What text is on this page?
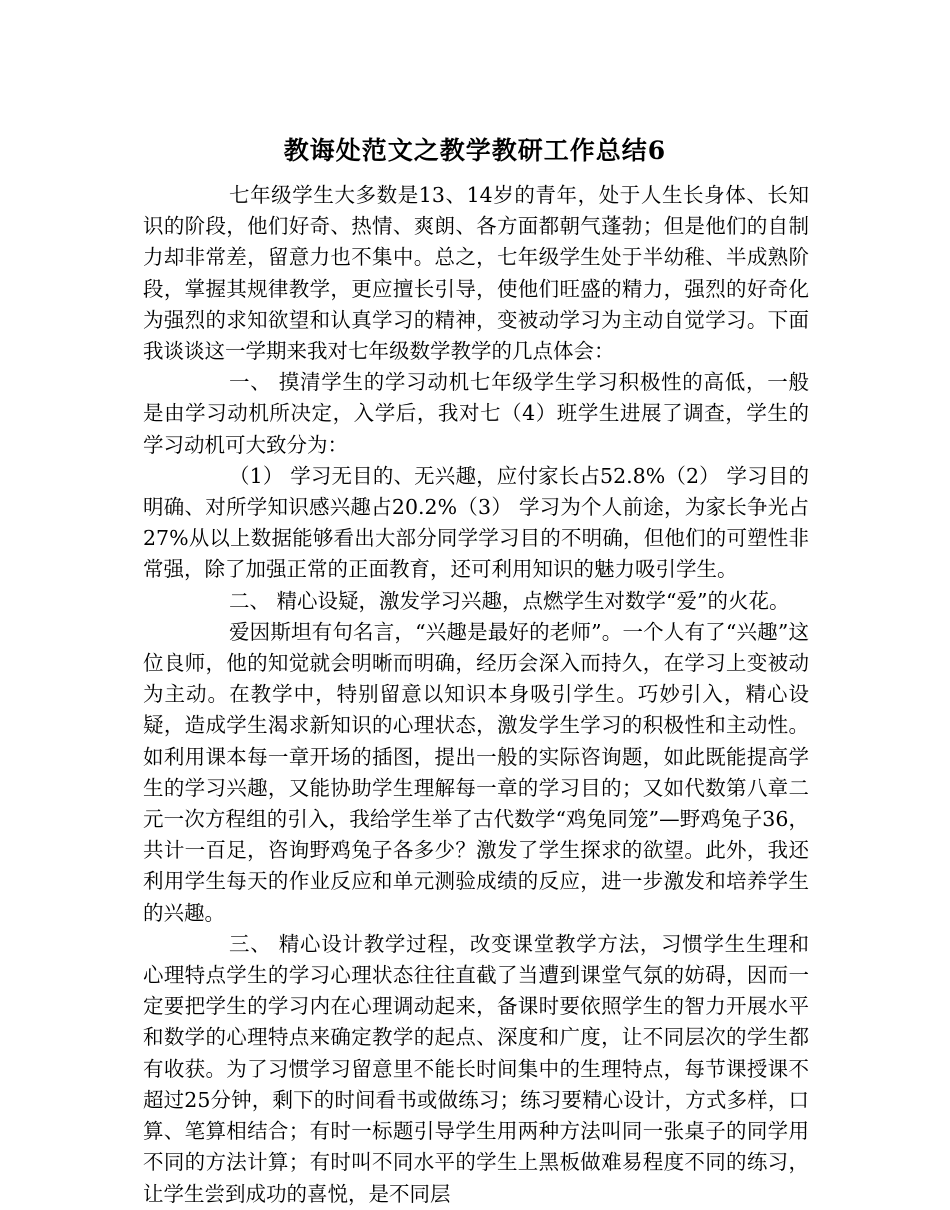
教诲处范文之教学教研工作总结6

七年级学生大多数是13、14岁的青年，处于人生长身体、长知识的阶段，他们好奇、热情、爽朗、各方面都朝气蓬勃；但是他们的自制力却非常差，留意力也不集中。总之，七年级学生处于半幼稚、半成熟阶段，掌握其规律教学，更应擅长引导，使他们旺盛的精力，强烈的好奇化为强烈的求知欲望和认真学习的精神，变被动学习为主动自觉学习。下面我谈谈这一学期来我对七年级数学教学的几点体会：

一、 摸清学生的学习动机七年级学生学习积极性的高低，一般是由学习动机所决定，入学后，我对七（4）班学生进展了调查，学生的学习动机可大致分为：

（1） 学习无目的、无兴趣，应付家长占52.8%（2） 学习目的明确、对所学知识感兴趣占20.2%（3） 学习为个人前途，为家长争光占27%从以上数据能够看出大部分同学学习目的不明确，但他们的可塑性非常强，除了加强正常的正面教育，还可利用知识的魅力吸引学生。

二、 精心设疑，激发学习兴趣，点燃学生对数学“爱”的火花。

爱因斯坦有句名言，“兴趣是最好的老师”。一个人有了“兴趣”这位良师，他的知觉就会明晰而明确，经历会深入而持久，在学习上变被动为主动。在教学中，特别留意以知识本身吸引学生。巧妙引入，精心设疑，造成学生渴求新知识的心理状态，激发学生学习的积极性和主动性。如利用课本每一章开场的插图，提出一般的实际咨询题，如此既能提高学生的学习兴趣，又能协助学生理解每一章的学习目的；又如代数第八章二元一次方程组的引入，我给学生举了古代数学“鸡兔同笼”—野鸡兔子36，共计一百足，咨询野鸡兔子各多少？激发了学生探求的欲望。此外，我还利用学生每天的作业反应和单元测验成绩的反应，进一步激发和培养学生的兴趣。

三、 精心设计教学过程，改变课堂教学方法，习惯学生生理和心理特点学生的学习心理状态往往直截了当遭到课堂气氛的妨碍，因而一定要把学生的学习内在心理调动起来，备课时要依照学生的智力开展水平和数学的心理特点来确定教学的起点、深度和广度，让不同层次的学生都有收获。为了习惯学习留意里不能长时间集中的生理特点，每节课授课不超过25分钟，剩下的时间看书或做练习；练习要精心设计，方式多样，口算、笔算相结合；有时一标题引导学生用两种方法叫同一张桌子的同学用不同的方法计算；有时叫不同水平的学生上黑板做难易程度不同的练习，让学生尝到成功的喜悦，是不同层
